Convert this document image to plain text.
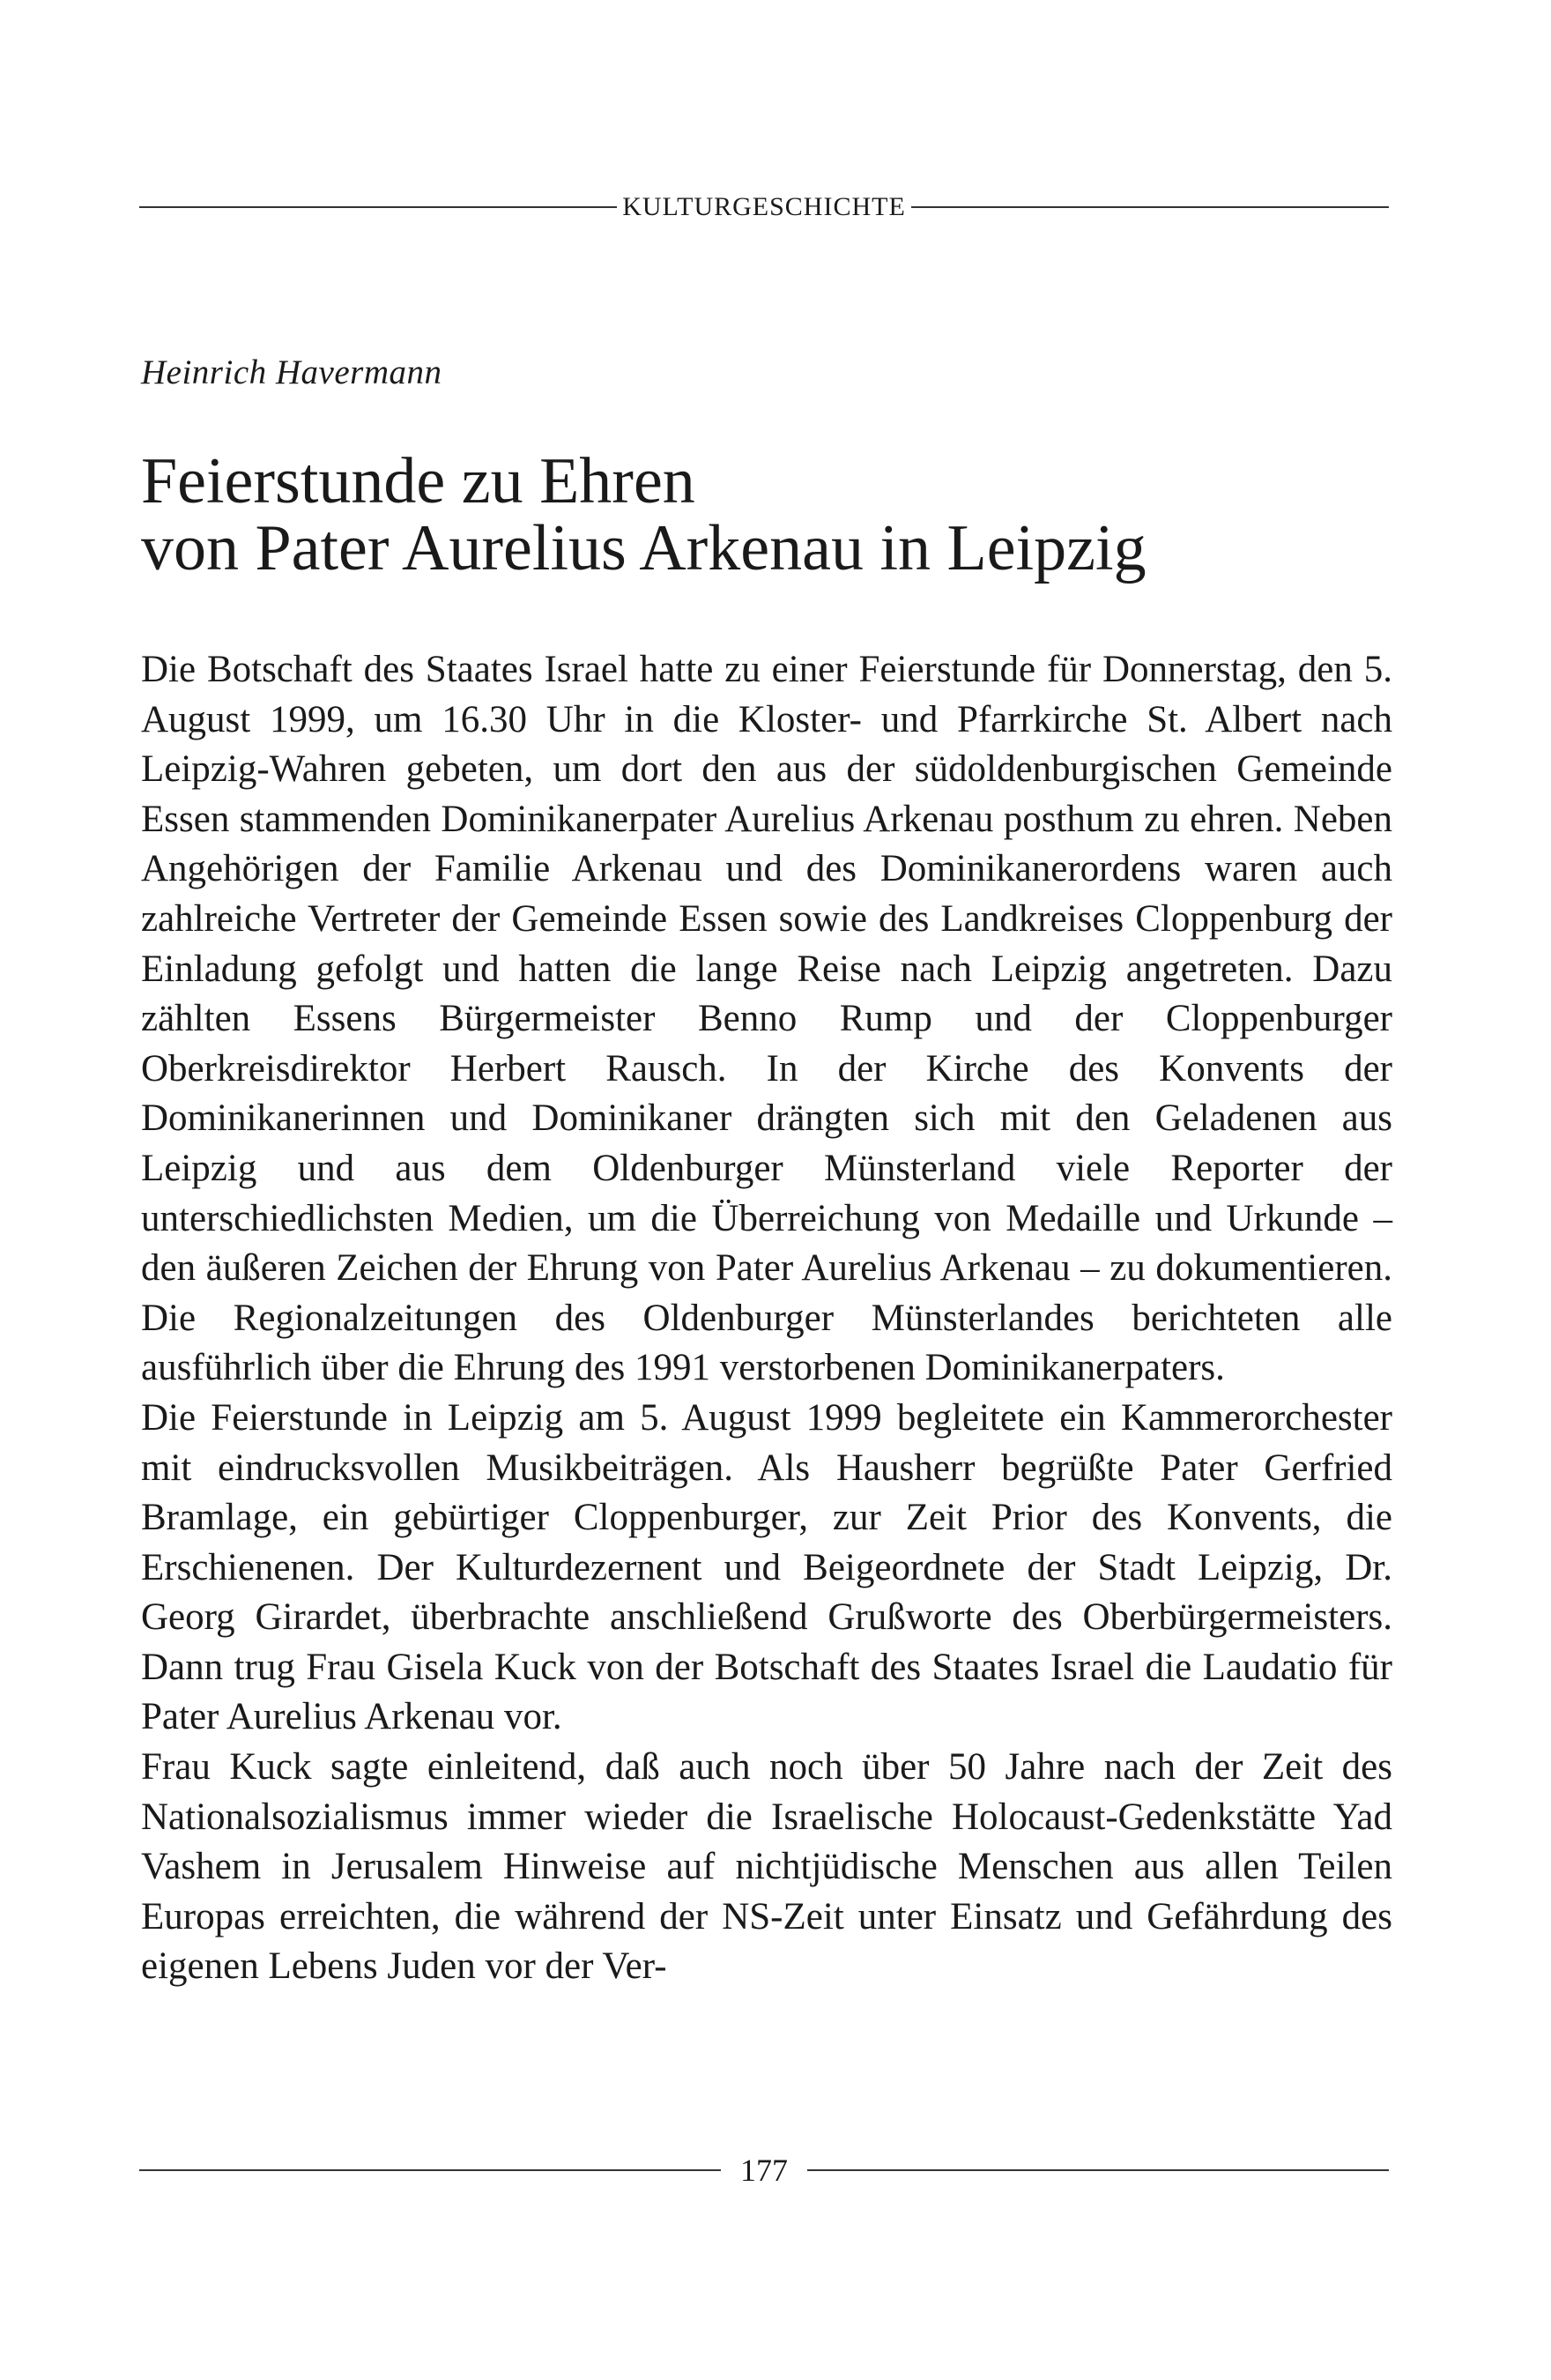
KULTURGESCHICHTE
Heinrich Havermann
Feierstunde zu Ehren
von Pater Aurelius Arkenau in Leipzig

Die Botschaft des Staates Israel hatte zu einer Feierstunde für Donnerstag, den 5. August 1999, um 16.30 Uhr in die Kloster- und Pfarrkirche St. Albert nach Leipzig-Wahren gebeten, um dort den aus der südoldenburgischen Gemeinde Essen stammenden Dominikanerpater Aurelius Arkenau posthum zu ehren. Neben Angehörigen der Familie Arkenau und des Dominikanerordens waren auch zahlreiche Vertreter der Gemeinde Essen sowie des Landkreises Cloppenburg der Einladung gefolgt und hatten die lange Reise nach Leipzig angetreten. Dazu zählten Essens Bürgermeister Benno Rump und der Cloppenburger Oberkreisdirektor Herbert Rausch. In der Kirche des Konvents der Dominikanerinnen und Dominikaner drängten sich mit den Geladenen aus Leipzig und aus dem Oldenburger Münsterland viele Reporter der unterschiedlichsten Medien, um die Überreichung von Medaille und Urkunde – den äußeren Zeichen der Ehrung von Pater Aurelius Arkenau – zu dokumentieren. Die Regionalzeitungen des Oldenburger Münsterlandes berichteten alle ausführlich über die Ehrung des 1991 verstorbenen Dominikanerpaters.

Die Feierstunde in Leipzig am 5. August 1999 begleitete ein Kammerorchester mit eindrucksvollen Musikbeiträgen. Als Hausherr begrüßte Pater Gerfried Bramlage, ein gebürtiger Cloppenburger, zur Zeit Prior des Konvents, die Erschienenen. Der Kulturdezernent und Beigeordnete der Stadt Leipzig, Dr. Georg Girardet, überbrachte anschließend Grußworte des Oberbürgermeisters. Dann trug Frau Gisela Kuck von der Botschaft des Staates Israel die Laudatio für Pater Aurelius Arkenau vor.

Frau Kuck sagte einleitend, daß auch noch über 50 Jahre nach der Zeit des Nationalsozialismus immer wieder die Israelische Holocaust-Gedenkstätte Yad Vashem in Jerusalem Hinweise auf nichtjüdische Menschen aus allen Teilen Europas erreichten, die während der NS-Zeit unter Einsatz und Gefährdung des eigenen Lebens Juden vor der Ver-

177
